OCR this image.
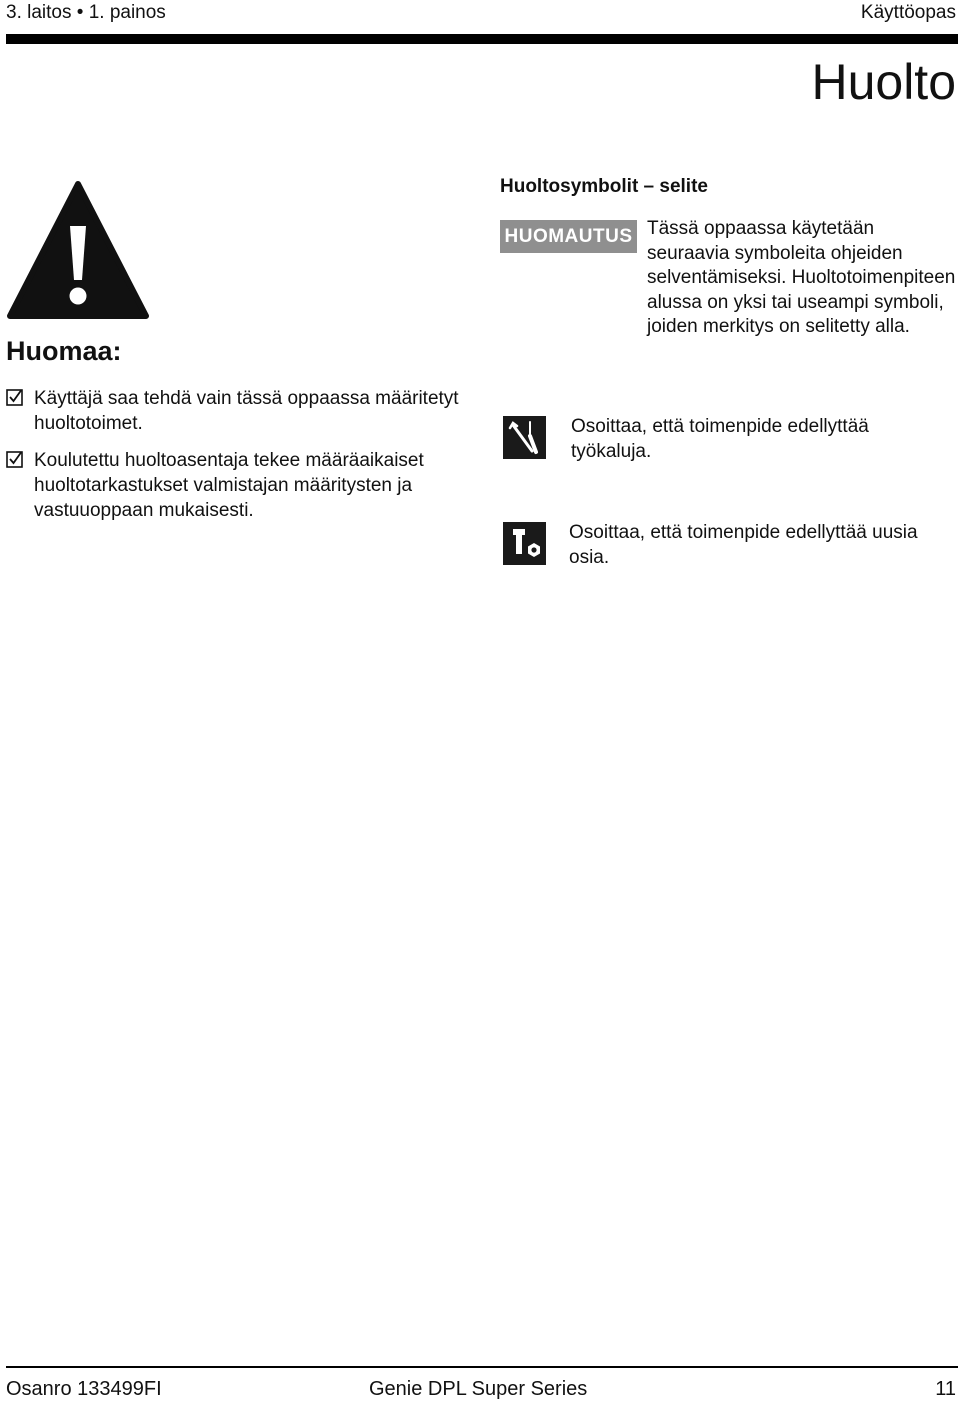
3. laitos • 1. painos	Käyttöopas
Huolto
Huomaa:
Käyttäjä saa tehdä vain tässä oppaassa määritetyt huoltotoimet.
Koulutettu huoltoasentaja tekee määräaikaiset huoltotarkastukset valmistajan määritysten ja vastuuoppaan mukaisesti.
Huoltosymbolit – selite
HUOMAUTUS Tässä oppaassa käytetään seuraavia symboleita ohjeiden selventämiseksi. Huoltotoimenpiteen alussa on yksi tai useampi symboli, joiden merkitys on selitetty alla.
Osoittaa, että toimenpide edellyttää työkaluja.
Osoittaa, että toimenpide edellyttää uusia osia.
Osanro 133499FI	Genie DPL Super Series	11
